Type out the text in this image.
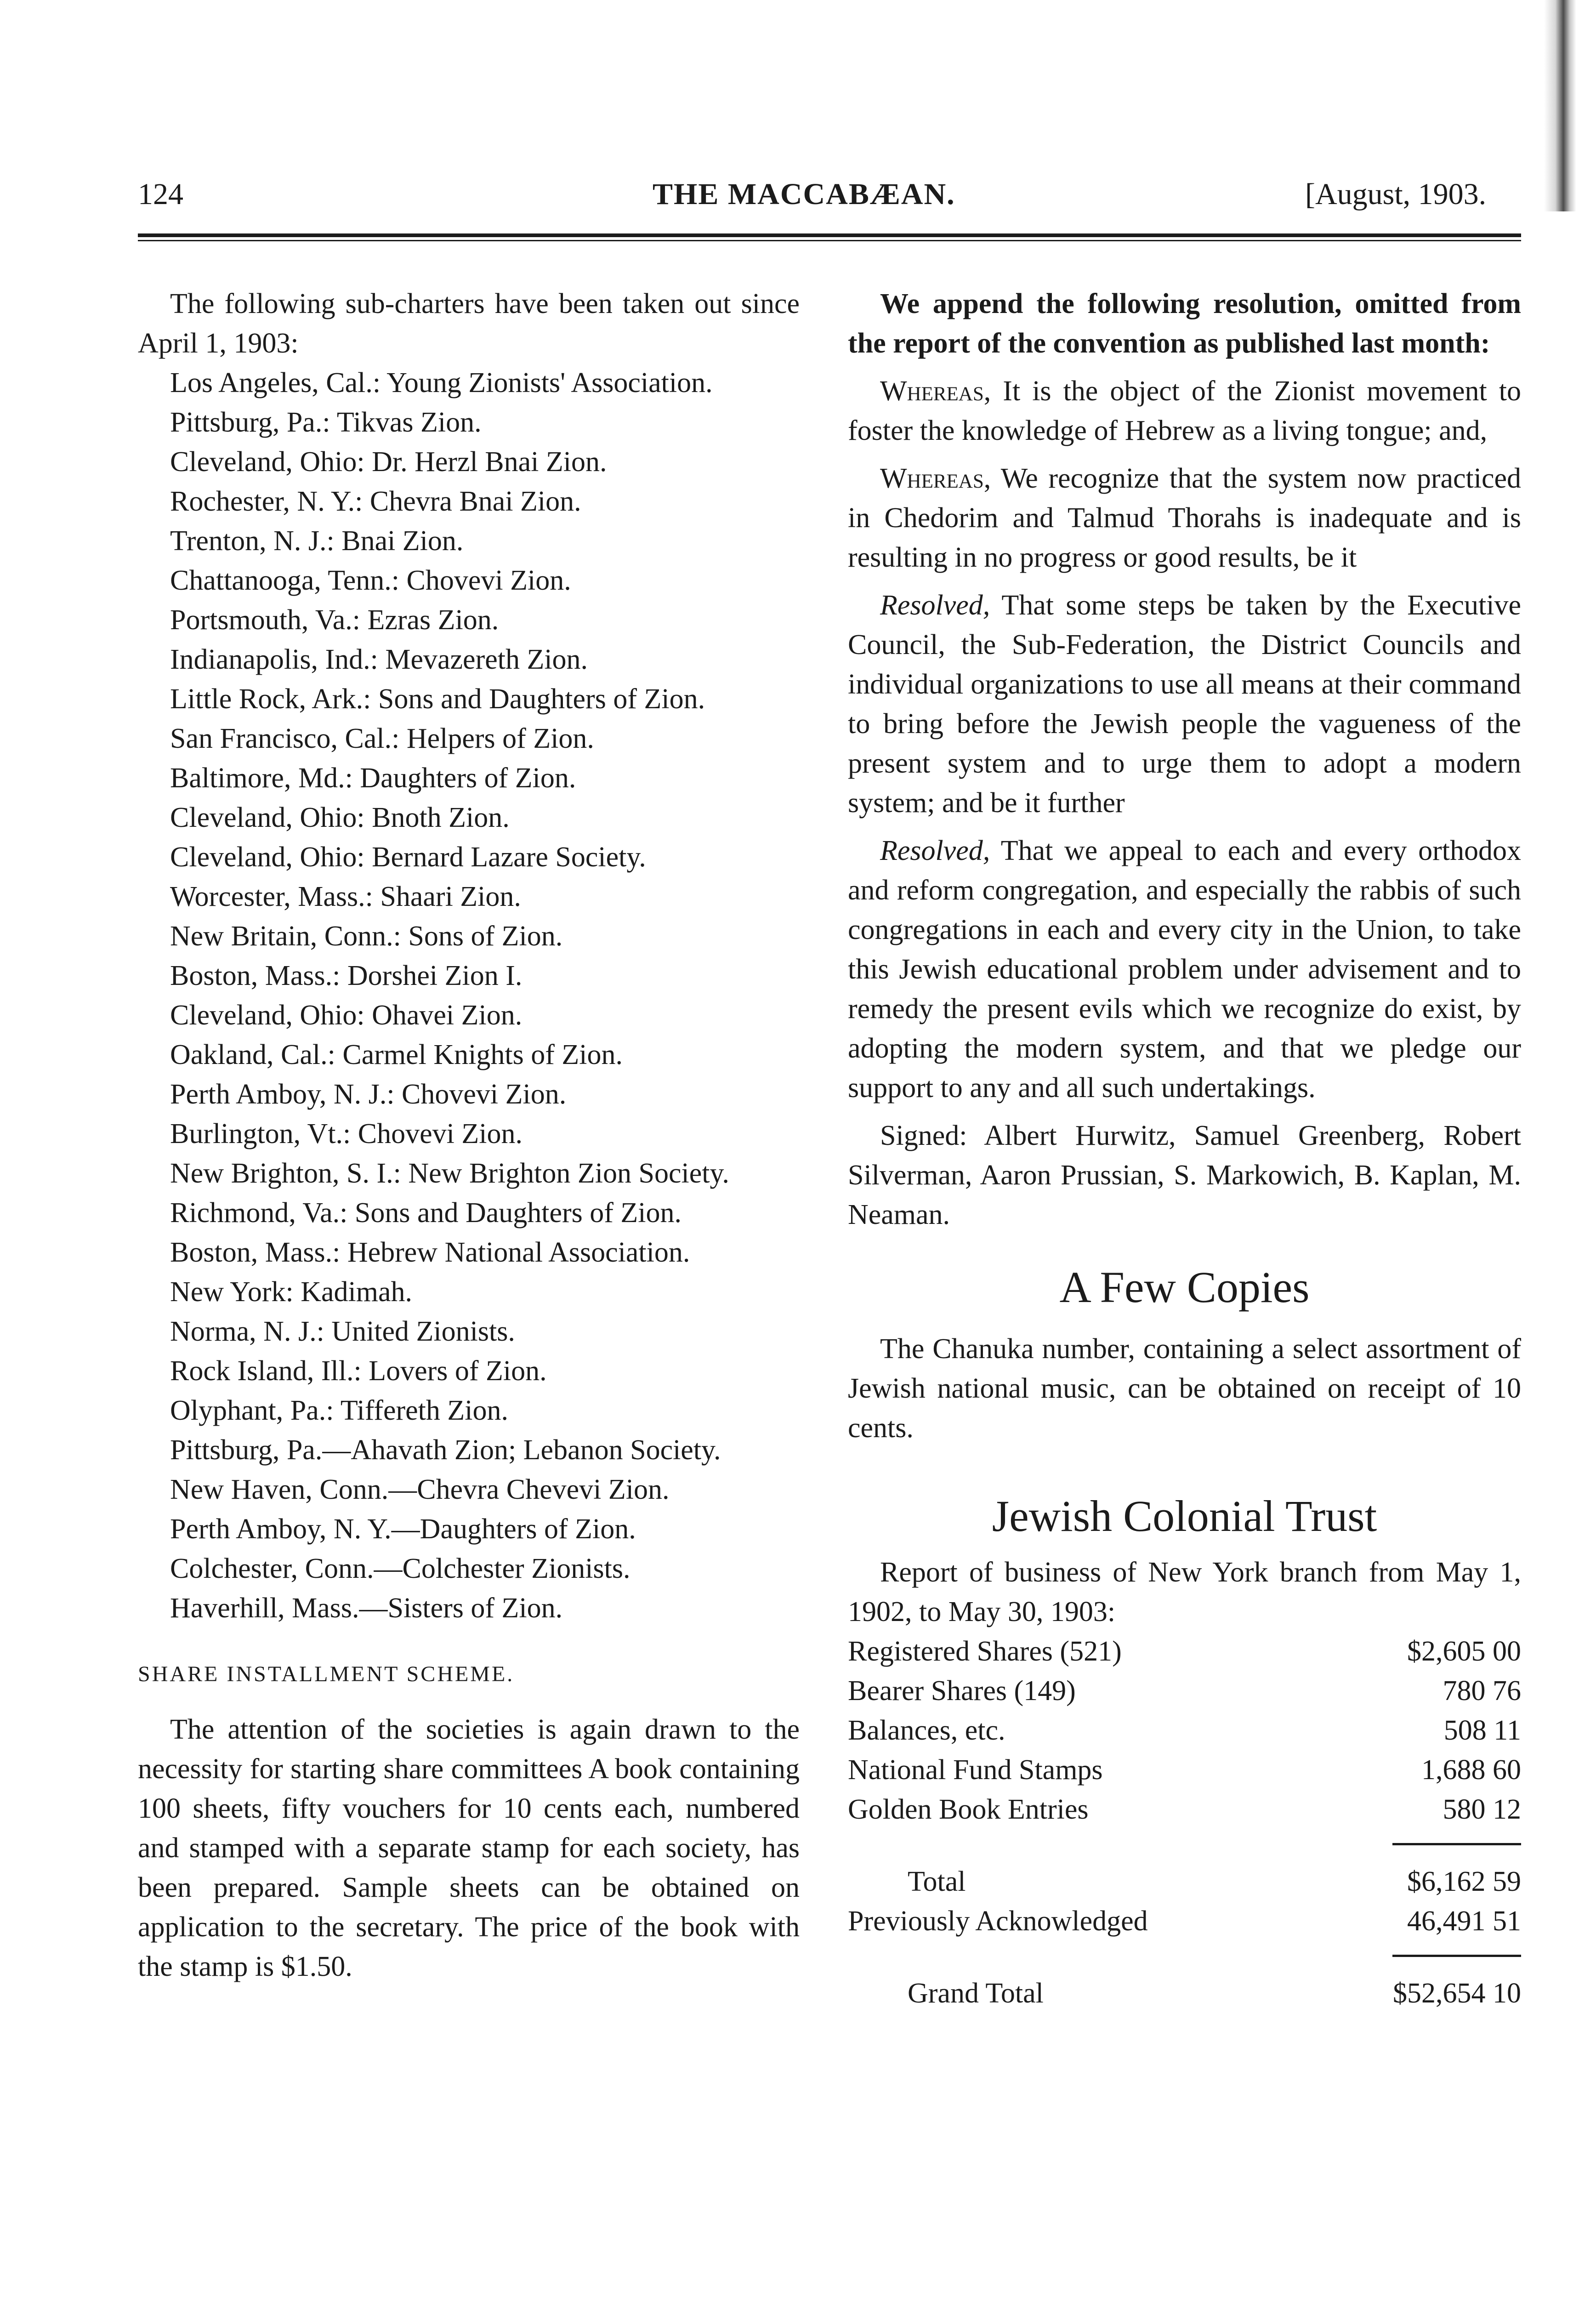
124	THE MACCABÆAN.	[August, 1903.

The following sub-charters have been taken out since April 1, 1903:

Los Angeles, Cal.: Young Zionists' Association.

Pittsburg, Pa.: Tikvas Zion.

Cleveland, Ohio: Dr. Herzl Bnai Zion.

Rochester, N. Y.: Chevra Bnai Zion.

Trenton, N. J.: Bnai Zion.

Chattanooga, Tenn.: Chovevi Zion.

Portsmouth, Va.: Ezras Zion.

Indianapolis, Ind.: Mevazereth Zion.

Little Rock, Ark.: Sons and Daughters of Zion.

San Francisco, Cal.: Helpers of Zion.

Baltimore, Md.: Daughters of Zion.

Cleveland, Ohio: Bnoth Zion.

Cleveland, Ohio: Bernard Lazare Society.

Worcester, Mass.: Shaari Zion.

New Britain, Conn.: Sons of Zion.

Boston, Mass.: Dorshei Zion I.

Cleveland, Ohio: Ohavei Zion.

Oakland, Cal.: Carmel Knights of Zion.

Perth Amboy, N. J.: Chovevi Zion.

Burlington, Vt.: Chovevi Zion.

New Brighton, S. I.: New Brighton Zion Society.

Richmond, Va.: Sons and Daughters of Zion.

Boston, Mass.: Hebrew National Association.

New York: Kadimah.

Norma, N. J.: United Zionists.

Rock Island, Ill.: Lovers of Zion.

Olyphant, Pa.: Tiffereth Zion.

Pittsburg, Pa.—Ahavath Zion; Lebanon Society.

New Haven, Conn.—Chevra Chevevi Zion.

Perth Amboy, N. Y.—Daughters of Zion.

Colchester, Conn.—Colchester Zionists.

Haverhill, Mass.—Sisters of Zion.

SHARE INSTALLMENT SCHEME.

The attention of the societies is again drawn to the necessity for starting share committees A book containing 100 sheets, fifty vouchers for 10 cents each, numbered and stamped with a separate stamp for each society, has been prepared. Sample sheets can be obtained on application to the secretary. The price of the book with the stamp is $1.50.

We append the following resolution, omitted from the report of the convention as published last month:

Whereas, It is the object of the Zionist movement to foster the knowledge of Hebrew as a living tongue; and,

Whereas, We recognize that the system now practiced in Chedorim and Talmud Thorahs is inadequate and is resulting in no progress or good results, be it

Resolved, That some steps be taken by the Executive Council, the Sub-Federation, the District Councils and individual organizations to use all means at their command to bring before the Jewish people the vagueness of the present system and to urge them to adopt a modern system; and be it further

Resolved, That we appeal to each and every orthodox and reform congregation, and especially the rabbis of such congregations in each and every city in the Union, to take this Jewish educational problem under advisement and to remedy the present evils which we recognize do exist, by adopting the modern system, and that we pledge our support to any and all such undertakings.

Signed: Albert Hurwitz, Samuel Greenberg, Robert Silverman, Aaron Prussian, S. Markowich, B. Kaplan, M. Neaman.

A Few Copies

The Chanuka number, containing a select assortment of Jewish national music, can be obtained on receipt of 10 cents.

Jewish Colonial Trust

Report of business of New York branch from May 1, 1902, to May 30, 1903:

Registered Shares (521)	$2,605 00
Bearer Shares (149)	780 76
Balances, etc.	508 11
National Fund Stamps	1,688 60
Golden Book Entries	580 12
Total	$6,162 59
Previously Acknowledged	46,491 51
Grand Total	$52,654 10
